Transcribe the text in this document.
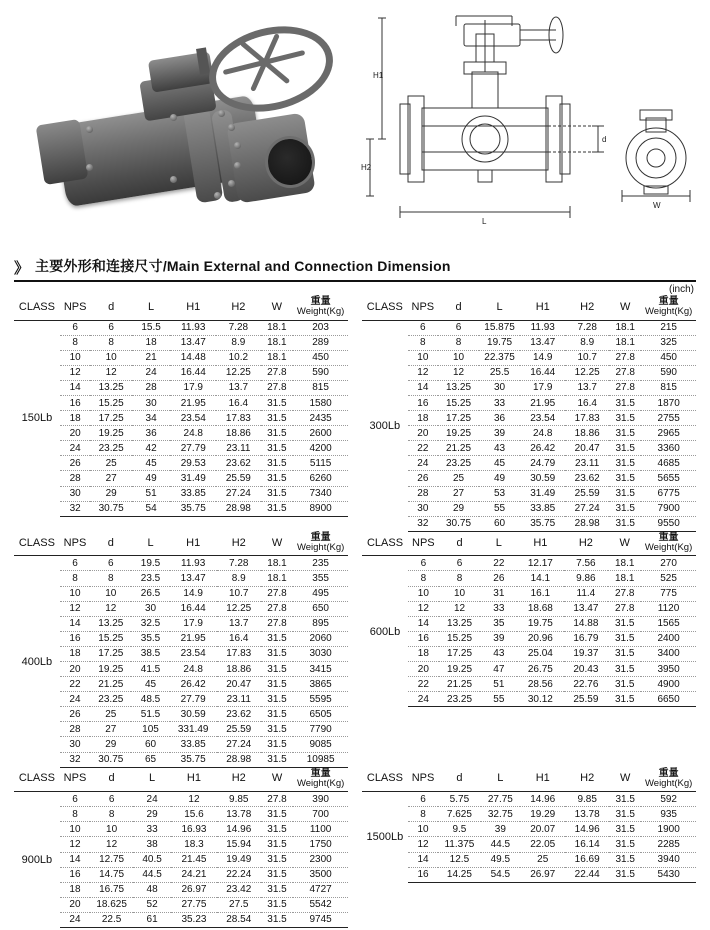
H1
H2
d
L
W
》 主要外形和连接尺寸/Main External and Connection Dimension
(inch)
CLASS	NPS	d	L	H1	H2	W	重量
Weight(Kg)

150Lb	6	6	15.5	11.93	7.28	18.1	203
	8	8	18	13.47	8.9	18.1	289
	10	10	21	14.48	10.2	18.1	450
	12	12	24	16.44	12.25	27.8	590
	14	13.25	28	17.9	13.7	27.8	815
	16	15.25	30	21.95	16.4	31.5	1580
	18	17.25	34	23.54	17.83	31.5	2435
	20	19.25	36	24.8	18.86	31.5	2600
	24	23.25	42	27.79	23.11	31.5	4200
	26	25	45	29.53	23.62	31.5	5115
	28	27	49	31.49	25.59	31.5	6260
	30	29	51	33.85	27.24	31.5	7340
	32	30.75	54	35.75	28.98	31.5	8900
CLASS	NPS	d	L	H1	H2	W	重量
Weight(Kg)

300Lb	6	6	15.875	11.93	7.28	18.1	215
	8	8	19.75	13.47	8.9	18.1	325
	10	10	22.375	14.9	10.7	27.8	450
	12	12	25.5	16.44	12.25	27.8	590
	14	13.25	30	17.9	13.7	27.8	815
	16	15.25	33	21.95	16.4	31.5	1870
	18	17.25	36	23.54	17.83	31.5	2755
	20	19.25	39	24.8	18.86	31.5	2965
	22	21.25	43	26.42	20.47	31.5	3360
	24	23.25	45	24.79	23.11	31.5	4685
	26	25	49	30.59	23.62	31.5	5655
	28	27	53	31.49	25.59	31.5	6775
	30	29	55	33.85	27.24	31.5	7900
	32	30.75	60	35.75	28.98	31.5	9550
CLASS	NPS	d	L	H1	H2	W	重量
Weight(Kg)

400Lb	6	6	19.5	11.93	7.28	18.1	235
	8	8	23.5	13.47	8.9	18.1	355
	10	10	26.5	14.9	10.7	27.8	495
	12	12	30	16.44	12.25	27.8	650
	14	13.25	32.5	17.9	13.7	27.8	895
	16	15.25	35.5	21.95	16.4	31.5	2060
	18	17.25	38.5	23.54	17.83	31.5	3030
	20	19.25	41.5	24.8	18.86	31.5	3415
	22	21.25	45	26.42	20.47	31.5	3865
	24	23.25	48.5	27.79	23.11	31.5	5595
	26	25	51.5	30.59	23.62	31.5	6505
	28	27	105	331.49	25.59	31.5	7790
	30	29	60	33.85	27.24	31.5	9085
	32	30.75	65	35.75	28.98	31.5	10985
CLASS	NPS	d	L	H1	H2	W	重量
Weight(Kg)

600Lb	6	6	22	12.17	7.56	18.1	270
	8	8	26	14.1	9.86	18.1	525
	10	10	31	16.1	11.4	27.8	775
	12	12	33	18.68	13.47	27.8	1120
	14	13.25	35	19.75	14.88	31.5	1565
	16	15.25	39	20.96	16.79	31.5	2400
	18	17.25	43	25.04	19.37	31.5	3400
	20	19.25	47	26.75	20.43	31.5	3950
	22	21.25	51	28.56	22.76	31.5	4900
	24	23.25	55	30.12	25.59	31.5	6650
CLASS	NPS	d	L	H1	H2	W	重量
Weight(Kg)

900Lb	6	6	24	12	9.85	27.8	390
	8	8	29	15.6	13.78	31.5	700
	10	10	33	16.93	14.96	31.5	1100
	12	12	38	18.3	15.94	31.5	1750
	14	12.75	40.5	21.45	19.49	31.5	2300
	16	14.75	44.5	24.21	22.24	31.5	3500
	18	16.75	48	26.97	23.42	31.5	4727
	20	18.625	52	27.75	27.5	31.5	5542
	24	22.5	61	35.23	28.54	31.5	9745
CLASS	NPS	d	L	H1	H2	W	重量
Weight(Kg)

1500Lb	6	5.75	27.75	14.96	9.85	31.5	592
	8	7.625	32.75	19.29	13.78	31.5	935
	10	9.5	39	20.07	14.96	31.5	1900
	12	11.375	44.5	22.05	16.14	31.5	2285
	14	12.5	49.5	25	16.69	31.5	3940
	16	14.25	54.5	26.97	22.44	31.5	5430
